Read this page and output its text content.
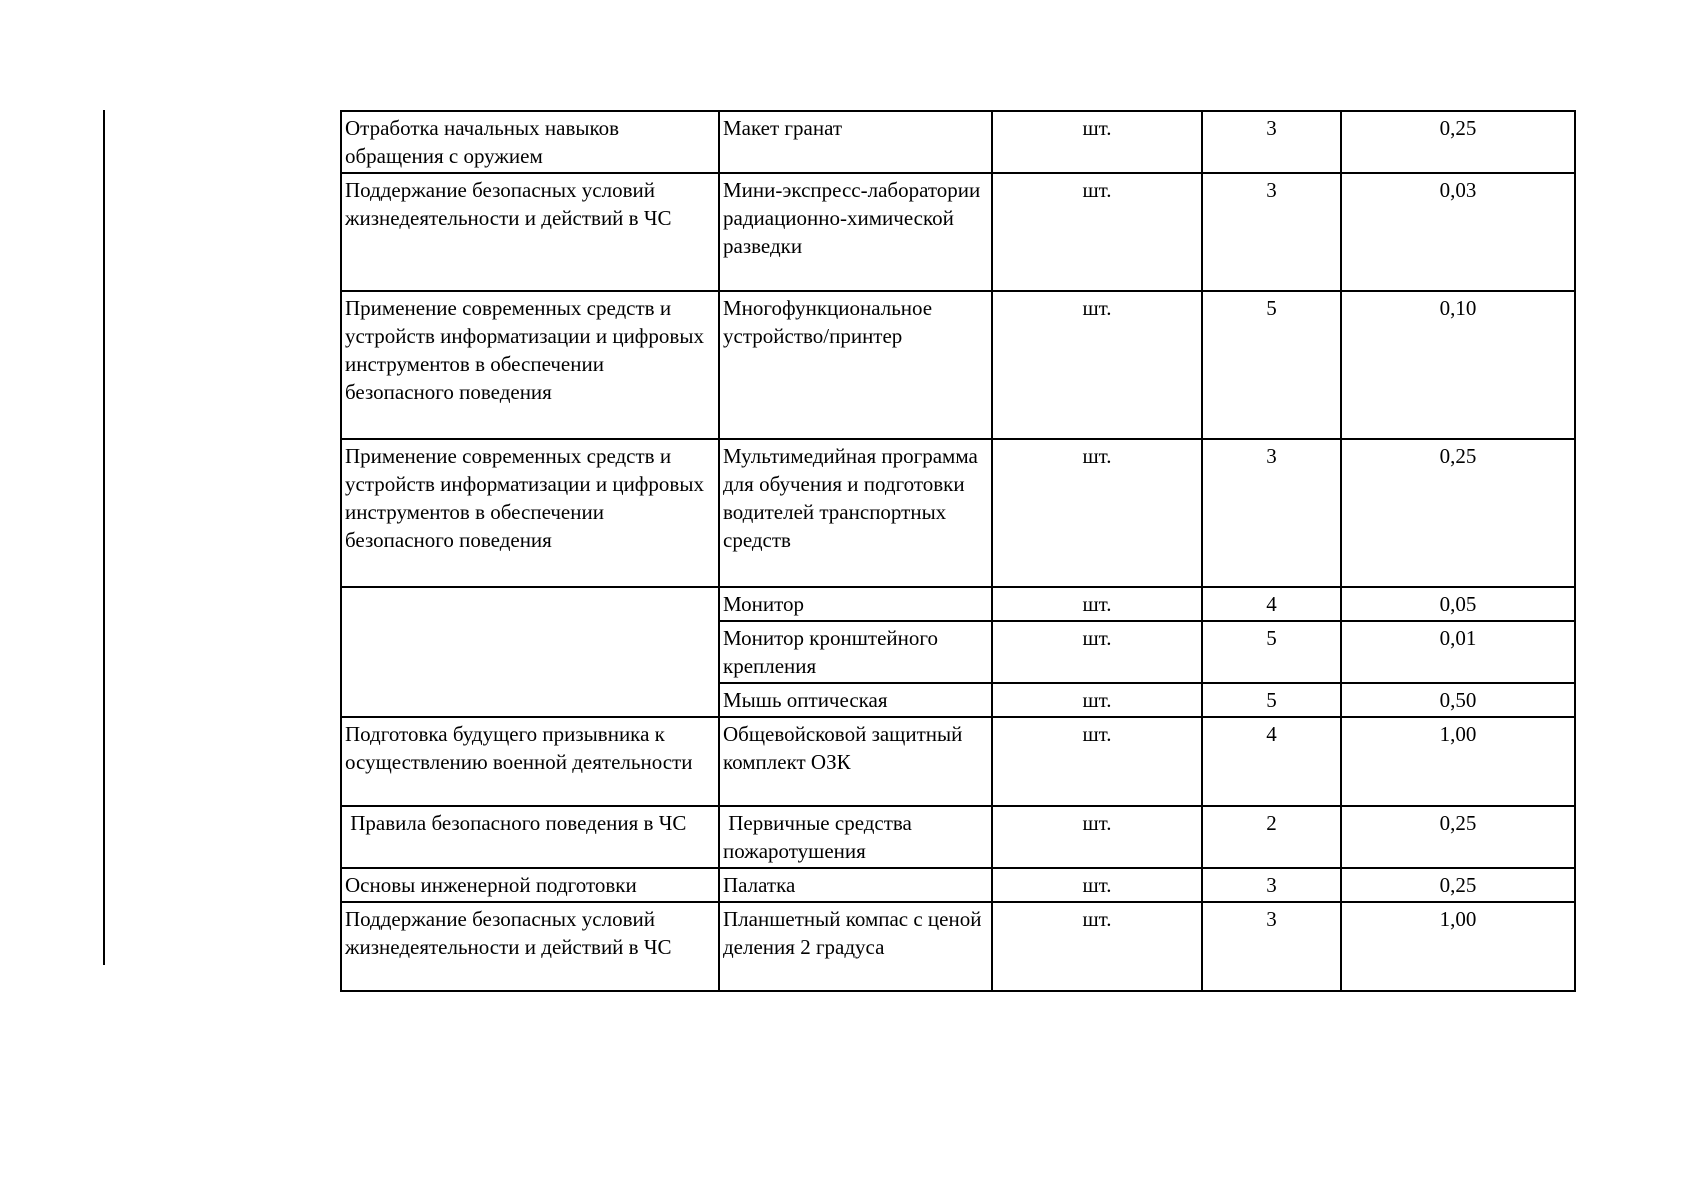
Отработка начальных навыков обращения с оружием	Макет гранат	шт.	3	0,25
Поддержание безопасных условий жизнедеятельности и действий в ЧС	Мини-экспресс-лаборатории радиационно-химической разведки	шт.	3	0,03
Применение современных средств и устройств информатизации и цифровых инструментов в обеспечении безопасного поведения	Многофункциональное устройство/принтер	шт.	5	0,10
Применение современных средств и устройств информатизации и цифровых инструментов в обеспечении безопасного поведения	Мультимедийная программа для обучения и подготовки водителей транспортных средств	шт.	3	0,25
	Монитор	шт.	4	0,05
	Монитор кронштейного крепления	шт.	5	0,01
	Мышь оптическая	шт.	5	0,50
Подготовка будущего призывника к осуществлению военной деятельности	Общевойсковой защитный комплект ОЗК	шт.	4	1,00
Правила безопасного поведения в ЧС	Первичные средства пожаротушения	шт.	2	0,25
Основы инженерной подготовки	Палатка	шт.	3	0,25
Поддержание безопасных условий жизнедеятельности и действий в ЧС	Планшетный компас с ценой деления 2 градуса	шт.	3	1,00
